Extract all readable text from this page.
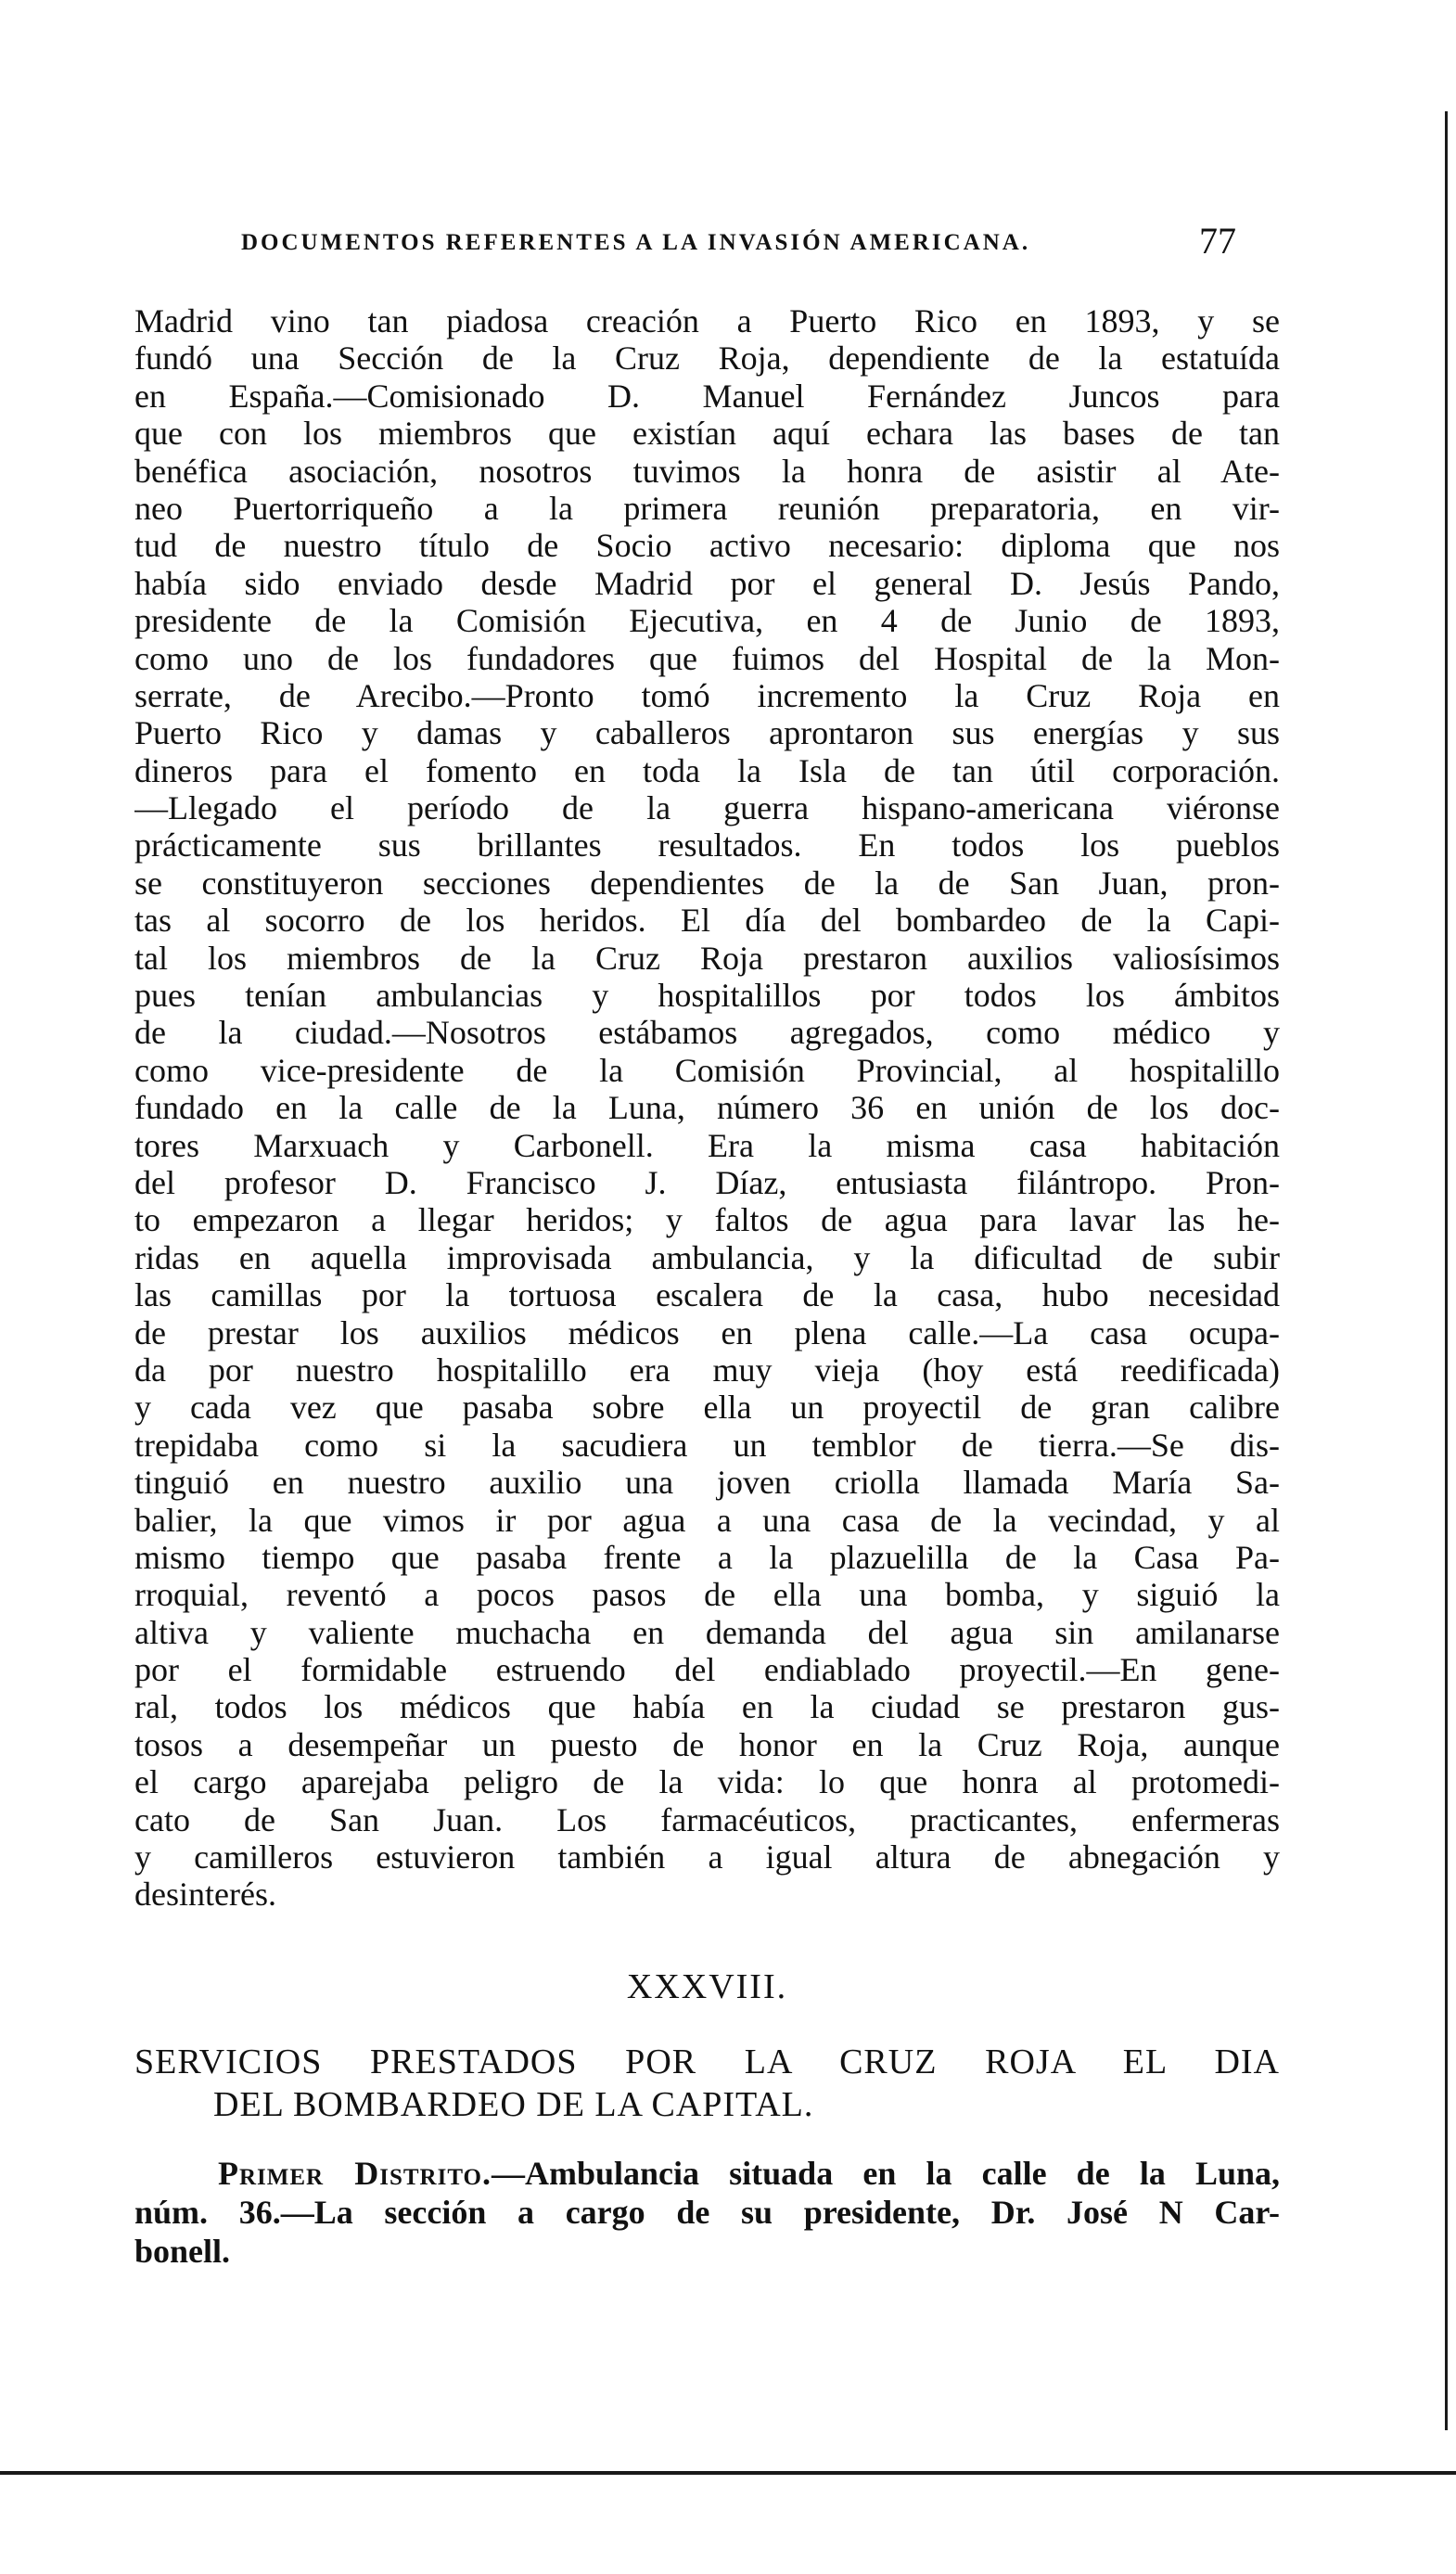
DOCUMENTOS REFERENTES A LA INVASIÓN AMERICANA.	77
Madrid vino tan piadosa creación a Puerto Rico en 1893, y se
fundó una Sección de la Cruz Roja, dependiente de la estatuída
en España.—Comisionado D. Manuel Fernández Juncos para
que con los miembros que existían aquí echara las bases de tan
benéfica asociación, nosotros tuvimos la honra de asistir al Ate-
neo Puertorriqueño a la primera reunión preparatoria, en vir-
tud de nuestro título de Socio activo necesario: diploma que nos
había sido enviado desde Madrid por el general D. Jesús Pando,
presidente de la Comisión Ejecutiva, en 4 de Junio de 1893,
como uno de los fundadores que fuimos del Hospital de la Mon-
serrate, de Arecibo.—Pronto tomó incremento la Cruz Roja en
Puerto Rico y damas y caballeros aprontaron sus energías y sus
dineros para el fomento en toda la Isla de tan útil corporación.
—Llegado el período de la guerra hispano-americana viéronse
prácticamente sus brillantes resultados. En todos los pueblos
se constituyeron secciones dependientes de la de San Juan, pron-
tas al socorro de los heridos. El día del bombardeo de la Capi-
tal los miembros de la Cruz Roja prestaron auxilios valiosísimos
pues tenían ambulancias y hospitalillos por todos los ámbitos
de la ciudad.—Nosotros estábamos agregados, como médico y
como vice-presidente de la Comisión Provincial, al hospitalillo
fundado en la calle de la Luna, número 36 en unión de los doc-
tores Marxuach y Carbonell. Era la misma casa habitación
del profesor D. Francisco J. Díaz, entusiasta filántropo. Pron-
to empezaron a llegar heridos; y faltos de agua para lavar las he-
ridas en aquella improvisada ambulancia, y la dificultad de subir
las camillas por la tortuosa escalera de la casa, hubo necesidad
de prestar los auxilios médicos en plena calle.—La casa ocupa-
da por nuestro hospitalillo era muy vieja (hoy está reedificada)
y cada vez que pasaba sobre ella un proyectil de gran calibre
trepidaba como si la sacudiera un temblor de tierra.—Se dis-
tinguió en nuestro auxilio una joven criolla llamada María Sa-
balier, la que vimos ir por agua a una casa de la vecindad, y al
mismo tiempo que pasaba frente a la plazuelilla de la Casa Pa-
rroquial, reventó a pocos pasos de ella una bomba, y siguió la
altiva y valiente muchacha en demanda del agua sin amilanarse
por el formidable estruendo del endiablado proyectil.—En gene-
ral, todos los médicos que había en la ciudad se prestaron gus-
tosos a desempeñar un puesto de honor en la Cruz Roja, aunque
el cargo aparejaba peligro de la vida: lo que honra al protomedi-
cato de San Juan. Los farmacéuticos, practicantes, enfermeras
y camilleros estuvieron también a igual altura de abnegación y
desinterés.
XXXVIII.
SERVICIOS PRESTADOS POR LA CRUZ ROJA EL DIA
DEL BOMBARDEO DE LA CAPITAL.
Primer Distrito.—Ambulancia situada en la calle de la Luna,
núm. 36.—La sección a cargo de su presidente, Dr. José N Car-
bonell.
